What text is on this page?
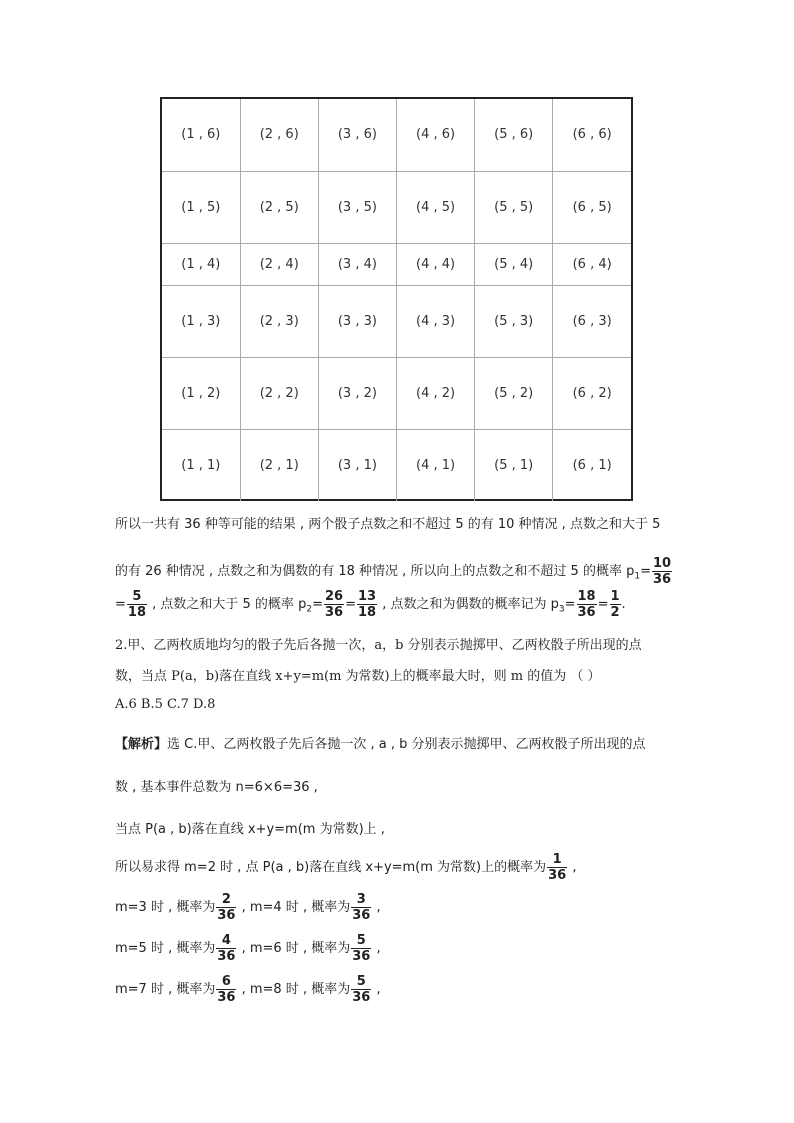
(1 , 6)	(2 , 6)	(3 , 6)	(4 , 6)	(5 , 6)	(6 , 6)
(1 , 5)	(2 , 5)	(3 , 5)	(4 , 5)	(5 , 5)	(6 , 5)
(1 , 4)	(2 , 4)	(3 , 4)	(4 , 4)	(5 , 4)	(6 , 4)
(1 , 3)	(2 , 3)	(3 , 3)	(4 , 3)	(5 , 3)	(6 , 3)
(1 , 2)	(2 , 2)	(3 , 2)	(4 , 2)	(5 , 2)	(6 , 2)
(1 , 1)	(2 , 1)	(3 , 1)	(4 , 1)	(5 , 1)	(6 , 1)
所以一共有 36 种等可能的结果 , 两个骰子点数之和不超过 5 的有 10 种情况 , 点数之和大于 5
的有 26 种情况 , 点数之和为偶数的有 18 种情况 , 所以向上的点数之和不超过 5 的概率 $p_1= \frac{10}{36}$
= $\frac{5}{18}$ , 点数之和大于 5 的概率 $p_2= \frac{26}{36} = \frac{13}{18}$ , 点数之和为偶数的概率记为 $p_3= \frac{18}{36} = \frac{1}{2}$ .
2.甲、乙两枚质地均匀的骰子先后各抛一次，a，b 分别表示抛掷甲、乙两枚骰子所出现的点
数，当点 P(a，b)落在直线 x+y=m(m 为常数)上的概率最大时，则 m 的值为 （ ）
A.6 B.5 C.7 D.8
【解析】选 C.甲、乙两枚骰子先后各抛一次 , a , b 分别表示抛掷甲、乙两枚骰子所出现的点
数 , 基本事件总数为 n=6×6=36 ,
当点 P(a , b)落在直线 x+y=m(m 为常数)上 ,
所以易求得 m=2 时 , 点 P(a , b)落在直线 x+y=m(m 为常数)上的概率为 $\frac{1}{36}$ ,
m=3 时 , 概率为 $\frac{2}{36}$ , m=4 时 , 概率为 $\frac{3}{36}$ ,
m=5 时 , 概率为 $\frac{4}{36}$ , m=6 时 , 概率为 $\frac{5}{36}$ ,
m=7 时 , 概率为 $\frac{6}{36}$ , m=8 时 , 概率为 $\frac{5}{36}$ ,
